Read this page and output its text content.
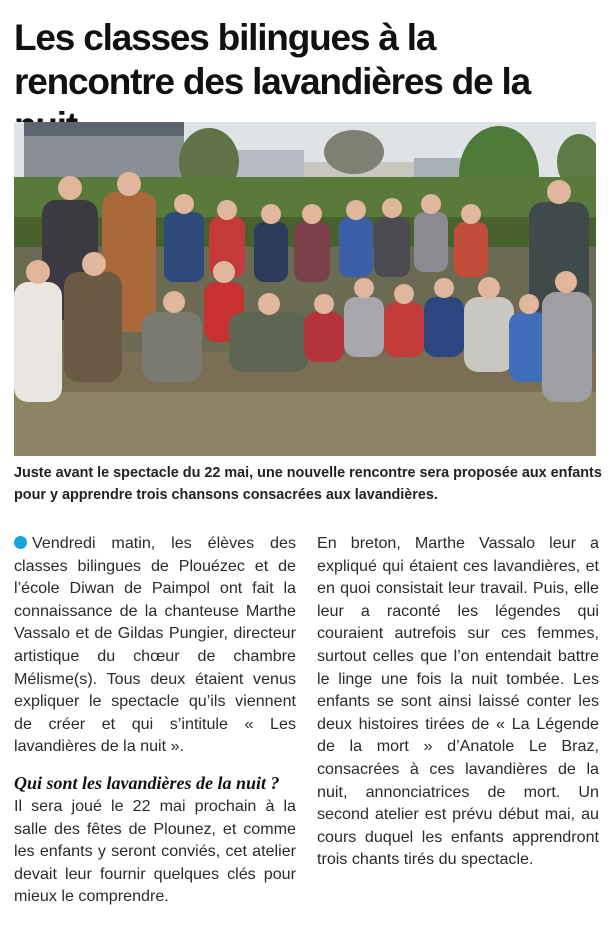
Les classes bilingues à la rencontre des lavandières de la

Juste avant le spectacle du 22 mai, une nouvelle rencontre sera proposée aux enfants pour y apprendre trois chansons consacrées aux lavandières.

Vendredi matin, les élèves des classes bilingues de Plouézec et de l’école Diwan de Paimpol ont fait la connaissance de la chanteuse Marthe Vassalo et de Gildas Pungier, directeur artistique du chœur de chambre Mélisme(s). Tous deux étaient venus expliquer le spectacle qu’ils viennent de créer et qui s’intitule « Les lavandières de la nuit ».

Qui sont les lavandières de la nuit ?

Il sera joué le 22 mai prochain à la salle des fêtes de Plounez, et comme les enfants y seront conviés, cet atelier devait leur fournir quelques clés pour mieux le comprendre.

En breton, Marthe Vassalo leur a expliqué qui étaient ces lavandières, et en quoi consistait leur travail. Puis, elle leur a raconté les légendes qui couraient autrefois sur ces femmes, surtout celles que l’on entendait battre le linge une fois la nuit tombée. Les enfants se sont ainsi laissé conter les deux histoires tirées de « La Légende de la mort » d’Anatole Le Braz, consacrées à ces lavandières de la nuit, annonciatrices de mort. Un second atelier est prévu début mai, au cours duquel les enfants apprendront trois chants tirés du spectacle.
